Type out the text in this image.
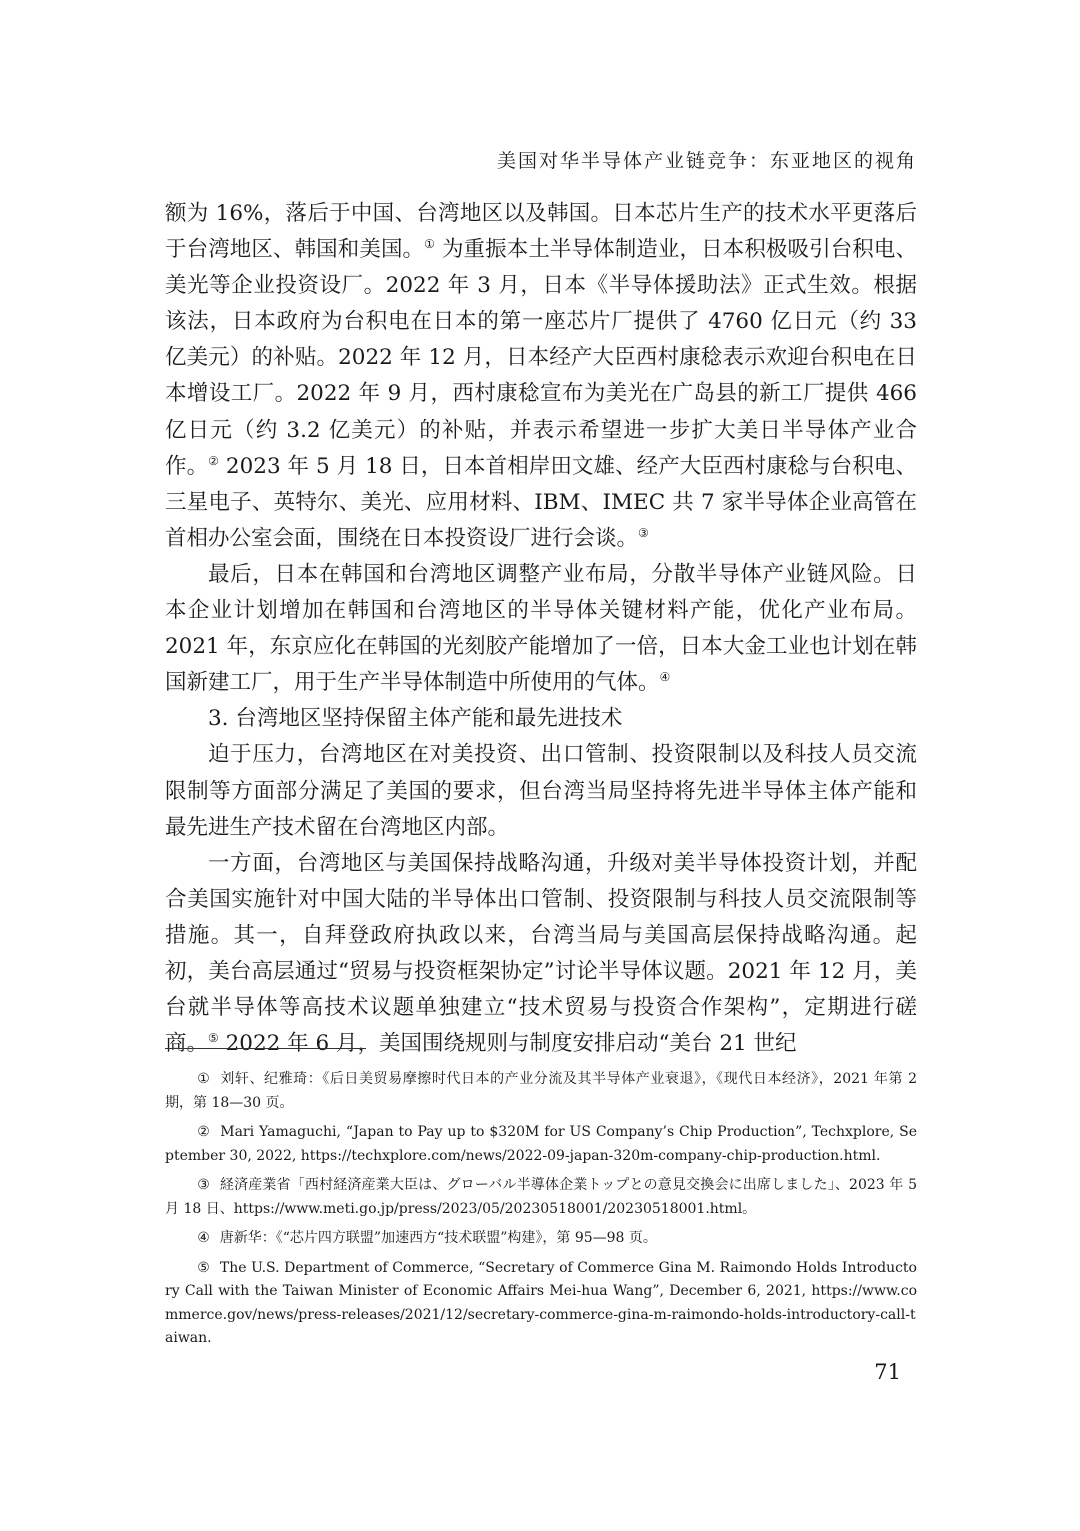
美国对华半导体产业链竞争：东亚地区的视角

额为 16%，落后于中国、台湾地区以及韩国。日本芯片生产的技术水平更落后于台湾地区、韩国和美国。① 为重振本土半导体制造业，日本积极吸引台积电、美光等企业投资设厂。2022 年 3 月，日本《半导体援助法》正式生效。根据该法，日本政府为台积电在日本的第一座芯片厂提供了 4760 亿日元（约 33 亿美元）的补贴。2022 年 12 月，日本经产大臣西村康稔表示欢迎台积电在日本增设工厂。2022 年 9 月，西村康稔宣布为美光在广岛县的新工厂提供 466 亿日元（约 3.2 亿美元）的补贴，并表示希望进一步扩大美日半导体产业合作。② 2023 年 5 月 18 日，日本首相岸田文雄、经产大臣西村康稔与台积电、三星电子、英特尔、美光、应用材料、IBM、IMEC 共 7 家半导体企业高管在首相办公室会面，围绕在日本投资设厂进行会谈。③

最后，日本在韩国和台湾地区调整产业布局，分散半导体产业链风险。日本企业计划增加在韩国和台湾地区的半导体关键材料产能，优化产业布局。2021 年，东京应化在韩国的光刻胶产能增加了一倍，日本大金工业也计划在韩国新建工厂，用于生产半导体制造中所使用的气体。④

3. 台湾地区坚持保留主体产能和最先进技术

迫于压力，台湾地区在对美投资、出口管制、投资限制以及科技人员交流限制等方面部分满足了美国的要求，但台湾当局坚持将先进半导体主体产能和最先进生产技术留在台湾地区内部。

一方面，台湾地区与美国保持战略沟通，升级对美半导体投资计划，并配合美国实施针对中国大陆的半导体出口管制、投资限制与科技人员交流限制等措施。其一，自拜登政府执政以来，台湾当局与美国高层保持战略沟通。起初，美台高层通过“贸易与投资框架协定”讨论半导体议题。2021 年 12 月，美台就半导体等高技术议题单独建立“技术贸易与投资合作架构”，定期进行磋商。⑤ 2022 年 6 月，美国围绕规则与制度安排启动“美台 21 世纪

① 刘轩、纪雅琦：《后日美贸易摩擦时代日本的产业分流及其半导体产业衰退》，《现代日本经济》，2021 年第 2 期，第 18—30 页。

② Mari Yamaguchi, “Japan to Pay up to $320M for US Company’s Chip Production”, Techxplore, September 30, 2022, https://techxplore.com/news/2022-09-japan-320m-company-chip-production.html.

③ 経済産業省「西村経済産業大臣は、グローバル半導体企業トップとの意見交換会に出席しました」、2023 年 5 月 18 日、https://www.meti.go.jp/press/2023/05/20230518001/20230518001.html。

④ 唐新华：《“芯片四方联盟”加速西方“技术联盟”构建》，第 95—98 页。

⑤ The U.S. Department of Commerce, “Secretary of Commerce Gina M. Raimondo Holds Introductory Call with the Taiwan Minister of Economic Affairs Mei-hua Wang”, December 6, 2021, https://www.commerce.gov/news/press-releases/2021/12/secretary-commerce-gina-m-raimondo-holds-introductory-call-taiwan.

71
